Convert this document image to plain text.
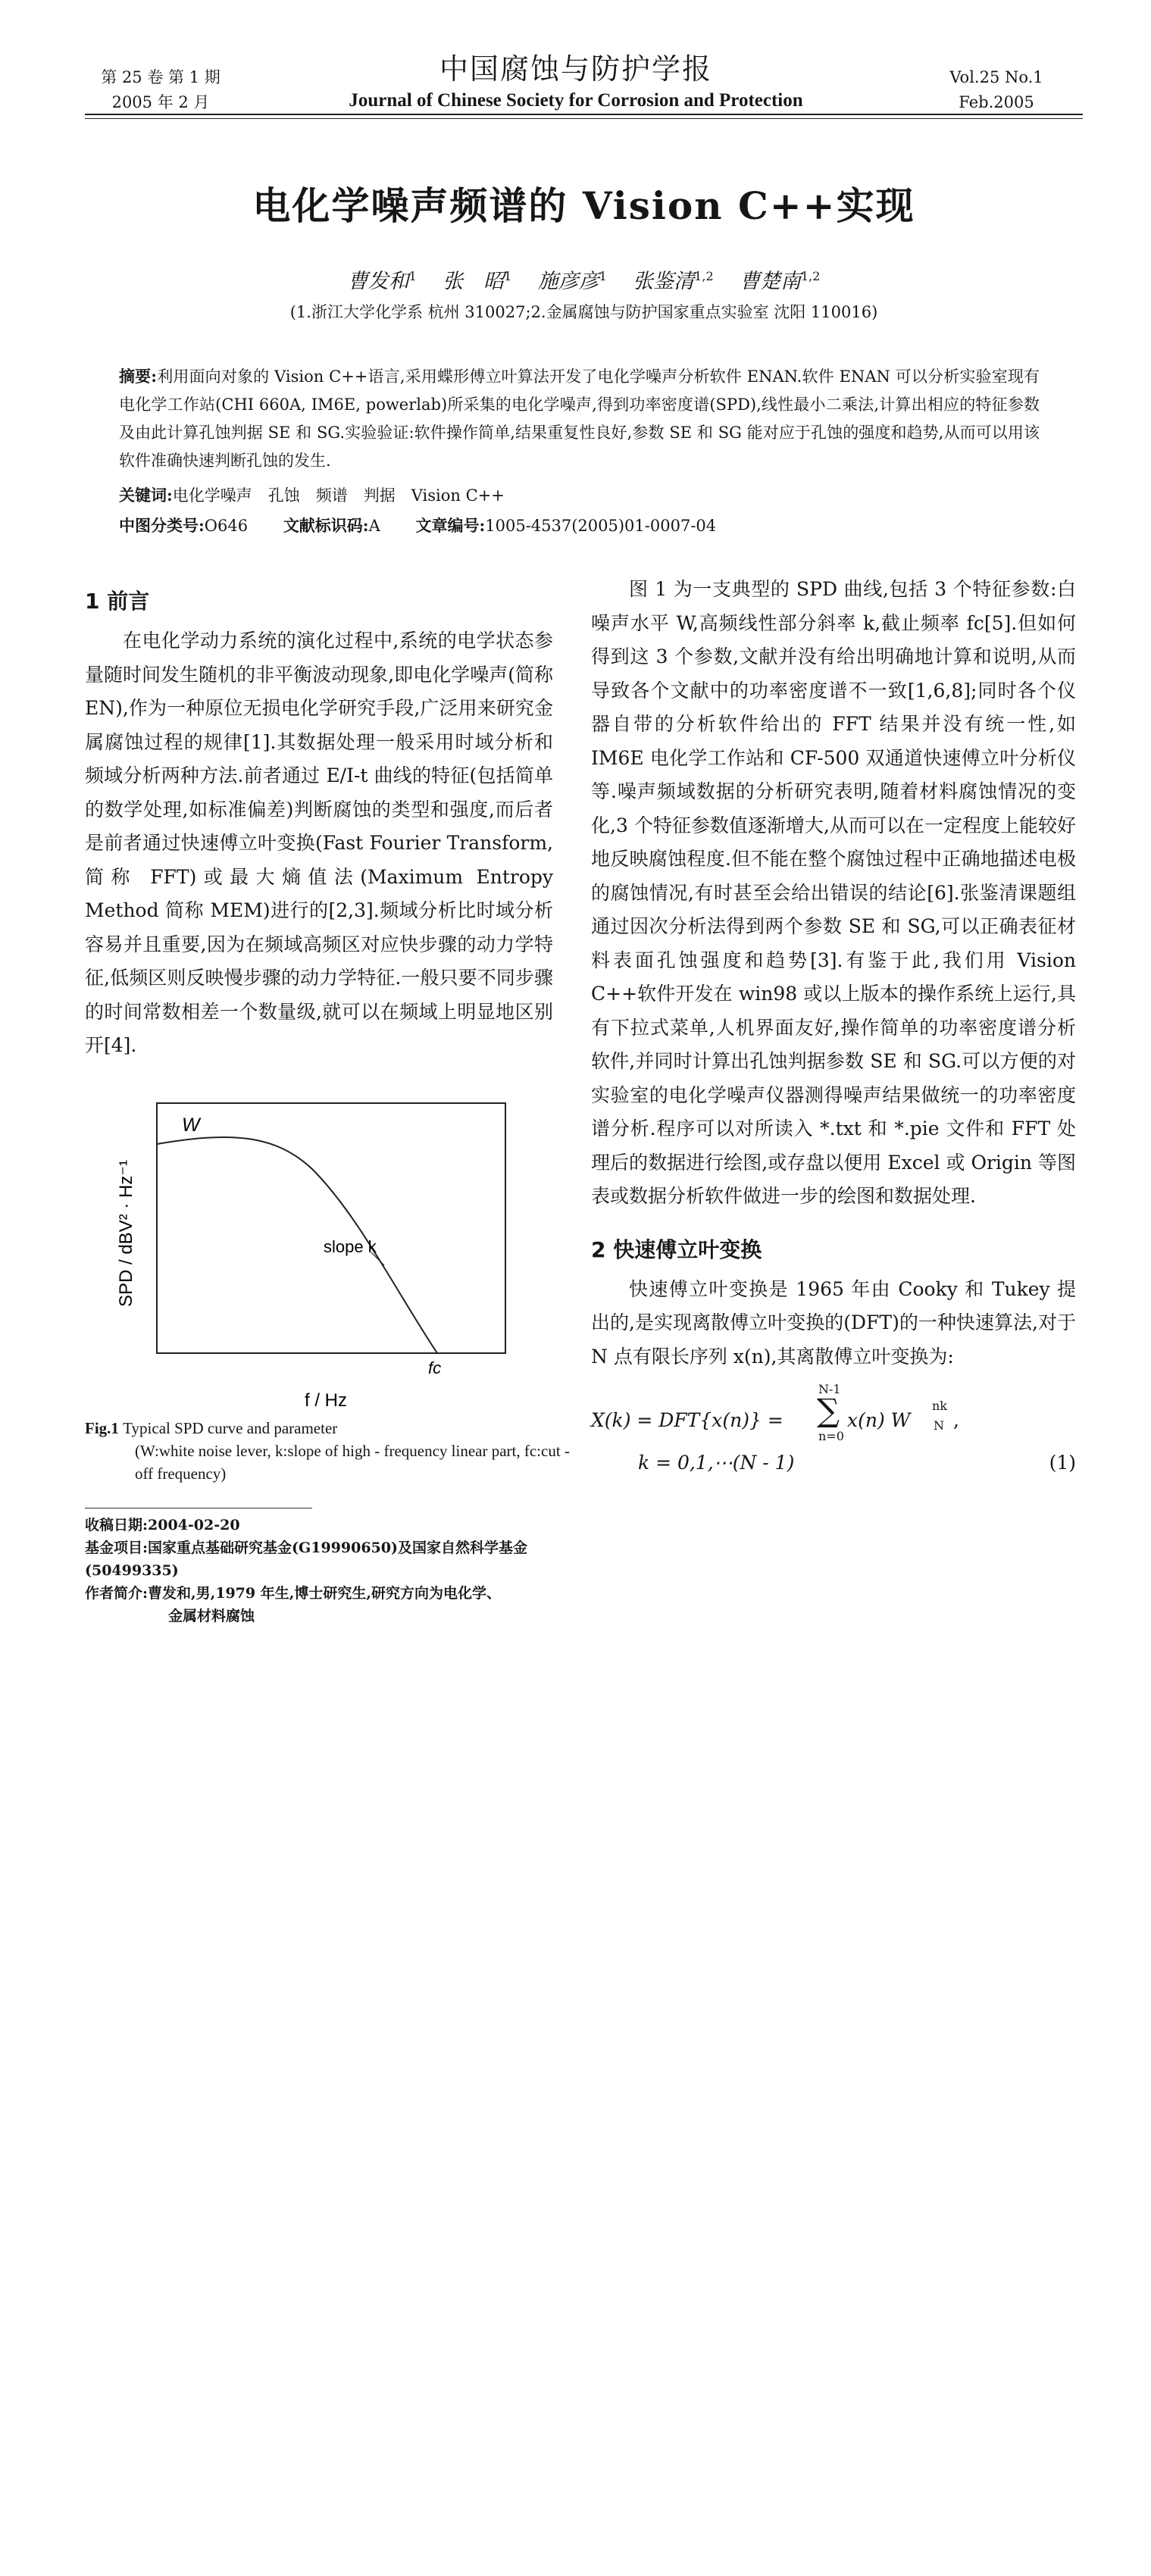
第 25 卷 第 1 期
2005 年 2 月
中国腐蚀与防护学报
Journal of Chinese Society for Corrosion and Protection
Vol.25 No.1
Feb.2005
电化学噪声频谱的 Vision C++实现
曹发和$^1$ 张　昭$^1$ 施彦彦$^1$ 张鉴清$^{1,2}$ 曹楚南$^{1,2}$
(1.浙江大学化学系 杭州 310027;2.金属腐蚀与防护国家重点实验室 沈阳 110016)
摘要:利用面向对象的 Vision C++语言,采用蝶形傅立叶算法开发了电化学噪声分析软件 ENAN.软件 ENAN 可以分析实验室现有电化学工作站(CHI 660A, IM6E, powerlab)所采集的电化学噪声,得到功率密度谱(SPD),线性最小二乘法,计算出相应的特征参数及由此计算孔蚀判据 SE 和 SG.实验验证:软件操作简单,结果重复性良好,参数 SE 和 SG 能对应于孔蚀的强度和趋势,从而可以用该软件准确快速判断孔蚀的发生.
关键词:电化学噪声　孔蚀　频谱　判据　Vision C++
中图分类号:O646 文献标识码:A 文章编号:1005-4537(2005)01-0007-04
1 前言

在电化学动力系统的演化过程中,系统的电学状态参量随时间发生随机的非平衡波动现象,即电化学噪声(简称 EN),作为一种原位无损电化学研究手段,广泛用来研究金属腐蚀过程的规律[1].其数据处理一般采用时域分析和频域分析两种方法.前者通过 E/I-t 曲线的特征(包括简单的数学处理,如标准偏差)判断腐蚀的类型和强度,而后者是前者通过快速傅立叶变换(Fast Fourier Transform,简称 FFT)或最大熵值法(Maximum Entropy Method 简称 MEM)进行的[2,3].频域分析比时域分析容易并且重要,因为在频域高频区对应快步骤的动力学特征,低频区则反映慢步骤的动力学特征.一般只要不同步骤的时间常数相差一个数量级,就可以在频域上明显地区别开[4].

W
slope k
fc
f / Hz
SPD / dBV² · Hz⁻¹
Fig.1 Typical SPD curve and parameter
(W:white noise lever, k:slope of high - frequency linear part, fc:cut - off frequency)
收稿日期:2004-02-20
基金项目:国家重点基础研究基金(G19990650)及国家自然科学基金(50499335)
作者简介:曹发和,男,1979 年生,博士研究生,研究方向为电化学、
金属材料腐蚀

图 1 为一支典型的 SPD 曲线,包括 3 个特征参数:白噪声水平 W,高频线性部分斜率 k,截止频率 fc[5].但如何得到这 3 个参数,文献并没有给出明确地计算和说明,从而导致各个文献中的功率密度谱不一致[1,6,8];同时各个仪器自带的分析软件给出的 FFT 结果并没有统一性,如 IM6E 电化学工作站和 CF-500 双通道快速傅立叶分析仪等.噪声频域数据的分析研究表明,随着材料腐蚀情况的变化,3 个特征参数值逐渐增大,从而可以在一定程度上能较好地反映腐蚀程度.但不能在整个腐蚀过程中正确地描述电极的腐蚀情况,有时甚至会给出错误的结论[6].张鉴清课题组通过因次分析法得到两个参数 SE 和 SG,可以正确表征材料表面孔蚀强度和趋势[3].有鉴于此,我们用 Vision C++软件开发在 win98 或以上版本的操作系统上运行,具有下拉式菜单,人机界面友好,操作简单的功率密度谱分析软件,并同时计算出孔蚀判据参数 SE 和 SG.可以方便的对实验室的电化学噪声仪器测得噪声结果做统一的功率密度谱分析.程序可以对所读入 *.txt 和 *.pie 文件和 FFT 处理后的数据进行绘图,或存盘以便用 Excel 或 Origin 等图表或数据分析软件做进一步的绘图和数据处理.

2 快速傅立叶变换

快速傅立叶变换是 1965 年由 Cooky 和 Tukey 提出的,是实现离散傅立叶变换的(DFT)的一种快速算法,对于 N 点有限长序列 x(n),其离散傅立叶变换为:

X(k) = DFT{x(n)} =
N-1
∑
n=0
x(n) W
nk
N ,
k = 0,1,⋯(N - 1)	(1)
